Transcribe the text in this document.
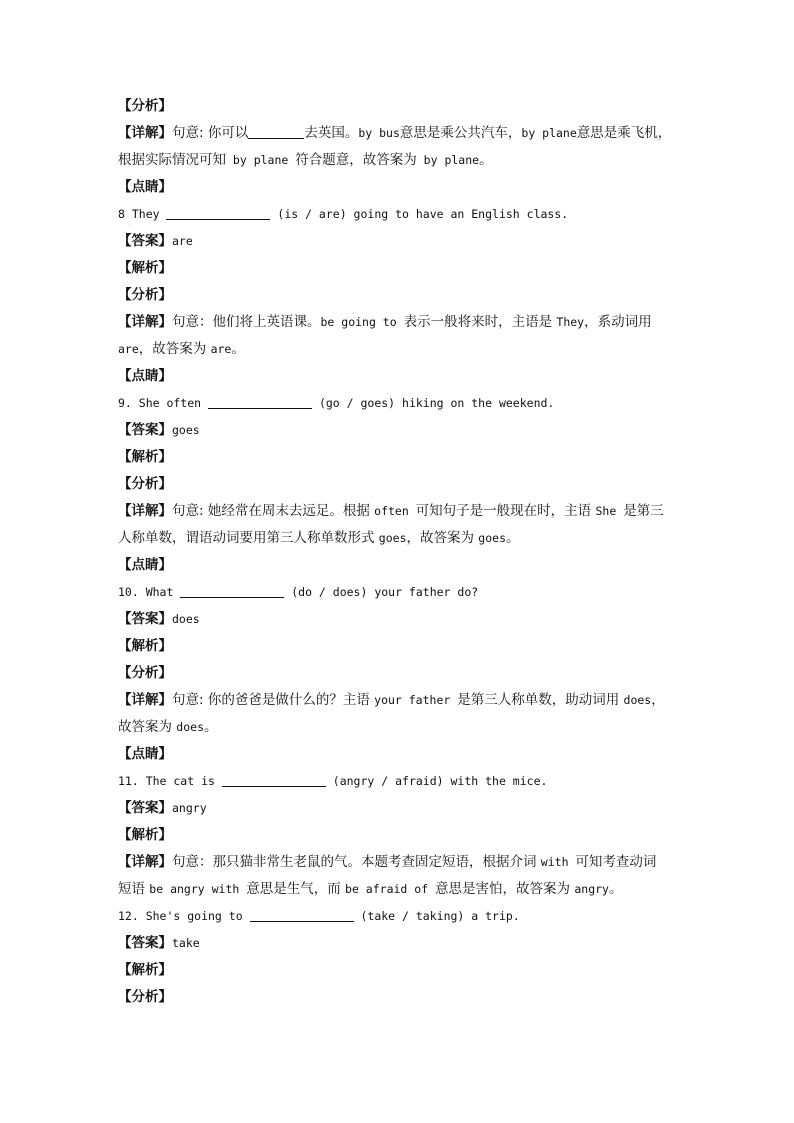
·
【分析】
【详解】句意: 你可以	去英国。by bus意思是乘公共汽车，by plane意思是乘飞机，
根据实际情况可知 by plane 符合题意，故答案为 by plane。
【点睛】
8 They	(is / are) going to have an English class.
【答案】are
【解析】
【分析】
【详解】句意：他们将上英语课。be going to 表示一般将来时，主语是 They，系动词用
are，故答案为 are。
【点睛】
9. She often	(go / goes) hiking on the weekend.
【答案】goes
【解析】
【分析】
【详解】句意: 她经常在周末去远足。根据 often 可知句子是一般现在时，主语 She 是第三
人称单数，谓语动词要用第三人称单数形式 goes，故答案为 goes。
【点睛】
10. What	(do / does) your father do?
【答案】does
【解析】
【分析】
【详解】句意: 你的爸爸是做什么的？主语 your father 是第三人称单数，助动词用 does，
故答案为 does。
【点睛】
11. The cat is	(angry / afraid) with the mice.
【答案】angry
【解析】
【详解】句意：那只猫非常生老鼠的气。本题考查固定短语，根据介词 with 可知考查动词
短语 be angry with 意思是生气，而 be afraid of 意思是害怕，故答案为 angry。
12. She's going to	(take / taking) a trip.
【答案】take
【解析】
【分析】
